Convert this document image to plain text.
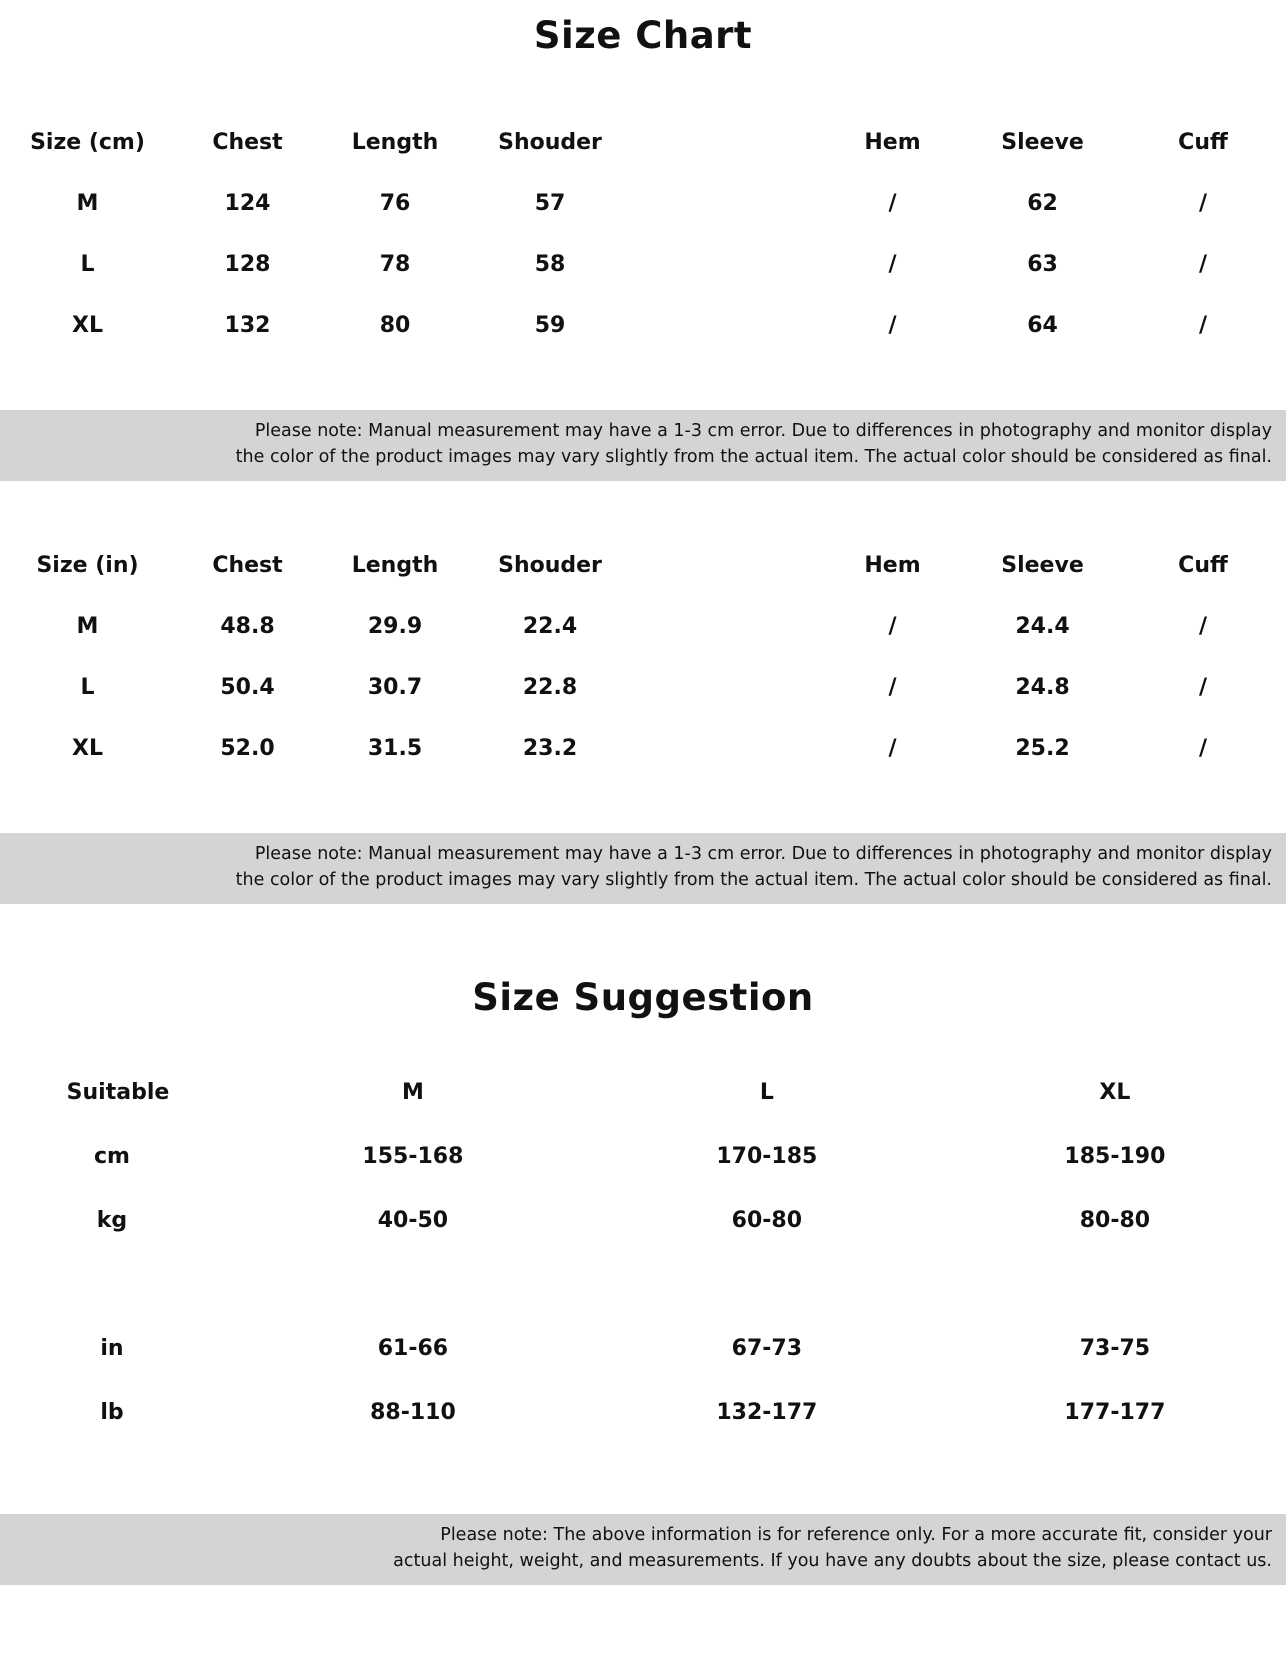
Size Chart
Size (cm)	Chest	Length	Shouder		Hem	Sleeve	Cuff
M	124	76	57		/	62	/
L	128	78	58		/	63	/
XL	132	80	59		/	64	/
Please note: Manual measurement may have a 1-3 cm error. Due to differences in photography and monitor display
the color of the product images may vary slightly from the actual item. The actual color should be considered as final.
Size (in)	Chest	Length	Shouder		Hem	Sleeve	Cuff
M	48.8	29.9	22.4		/	24.4	/
L	50.4	30.7	22.8		/	24.8	/
XL	52.0	31.5	23.2		/	25.2	/
Please note: Manual measurement may have a 1-3 cm error. Due to differences in photography and monitor display
the color of the product images may vary slightly from the actual item. The actual color should be considered as final.
Size Suggestion
Suitable	M	L	XL
cm	155-168	170-185	185-190
kg	40-50	60-80	80-80

in	61-66	67-73	73-75
lb	88-110	132-177	177-177
Please note: The above information is for reference only. For a more accurate fit, consider your
actual height, weight, and measurements. If you have any doubts about the size, please contact us.
